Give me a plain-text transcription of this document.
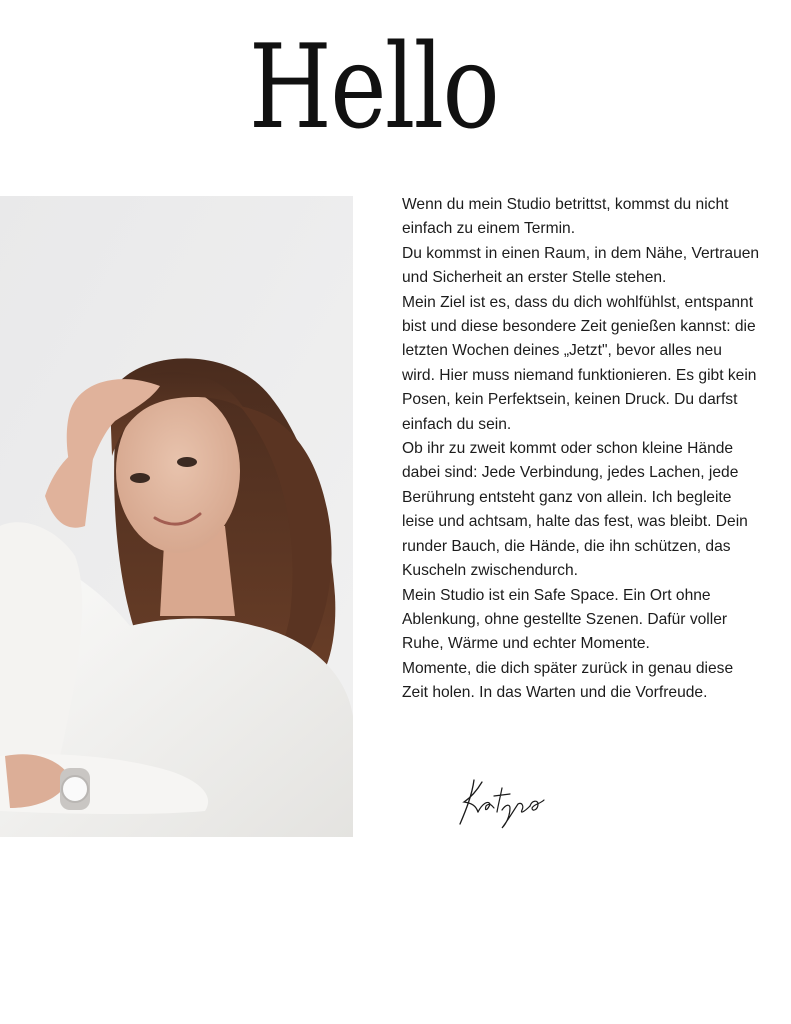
Hello
Wenn du mein Studio betrittst, kommst du nicht
einfach zu einem Termin.
Du kommst in einen Raum, in dem Nähe, Vertrauen
und Sicherheit an erster Stelle stehen.
Mein Ziel ist es, dass du dich wohlfühlst, entspannt
bist und diese besondere Zeit genießen kannst: die
letzten Wochen deines „Jetzt", bevor alles neu
wird. Hier muss niemand funktionieren. Es gibt kein
Posen, kein Perfektsein, keinen Druck. Du darfst
einfach du sein.
Ob ihr zu zweit kommt oder schon kleine Hände
dabei sind: Jede Verbindung, jedes Lachen, jede
Berührung entsteht ganz von allein. Ich begleite
leise und achtsam, halte das fest, was bleibt. Dein
runder Bauch, die Hände, die ihn schützen, das
Kuscheln zwischendurch.
Mein Studio ist ein Safe Space. Ein Ort ohne
Ablenkung, ohne gestellte Szenen. Dafür voller
Ruhe, Wärme und echter Momente.
Momente, die dich später zurück in genau diese
Zeit holen. In das Warten und die Vorfreude.
